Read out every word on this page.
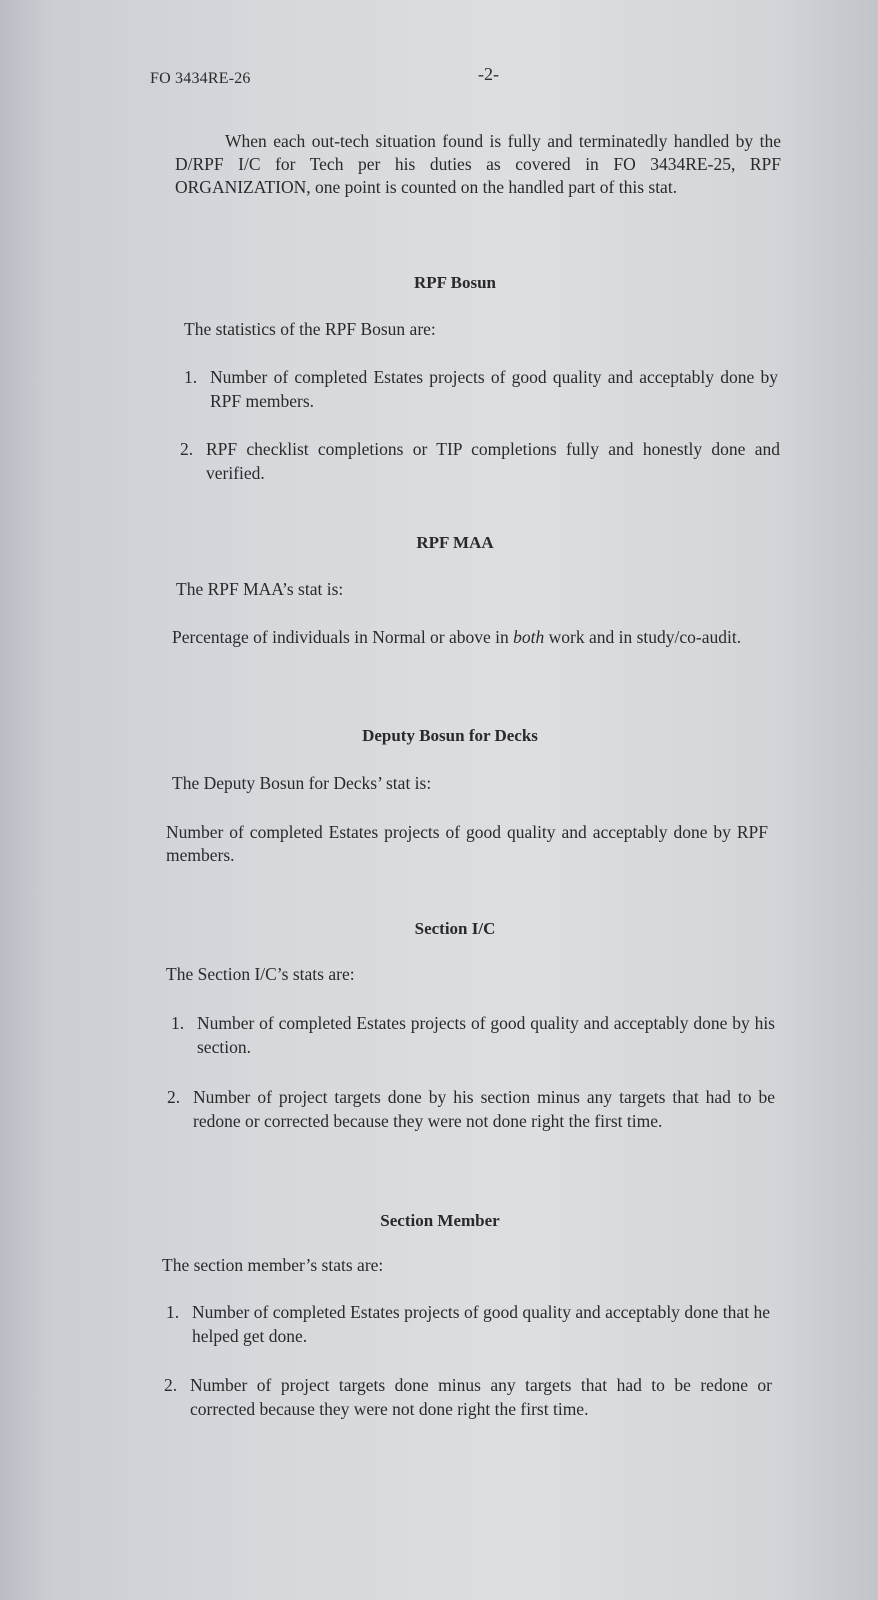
FO 3434RE-26	-2-
When each out-tech situation found is fully and terminatedly handled by the D/RPF I/C for Tech per his duties as covered in FO 3434RE-25, RPF ORGANIZATION, one point is counted on the handled part of this stat.
RPF Bosun
The statistics of the RPF Bosun are:
1. Number of completed Estates projects of good quality and acceptably done by RPF members.
2. RPF checklist completions or TIP completions fully and honestly done and verified.
RPF MAA
The RPF MAA’s stat is:
Percentage of individuals in Normal or above in both work and in study/co-audit.
Deputy Bosun for Decks
The Deputy Bosun for Decks’ stat is:
Number of completed Estates projects of good quality and acceptably done by RPF members.
Section I/C
The Section I/C’s stats are:
1. Number of completed Estates projects of good quality and acceptably done by his section.
2. Number of project targets done by his section minus any targets that had to be redone or corrected because they were not done right the first time.
Section Member
The section member’s stats are:
1. Number of completed Estates projects of good quality and acceptably done that he helped get done.
2. Number of project targets done minus any targets that had to be redone or corrected because they were not done right the first time.
